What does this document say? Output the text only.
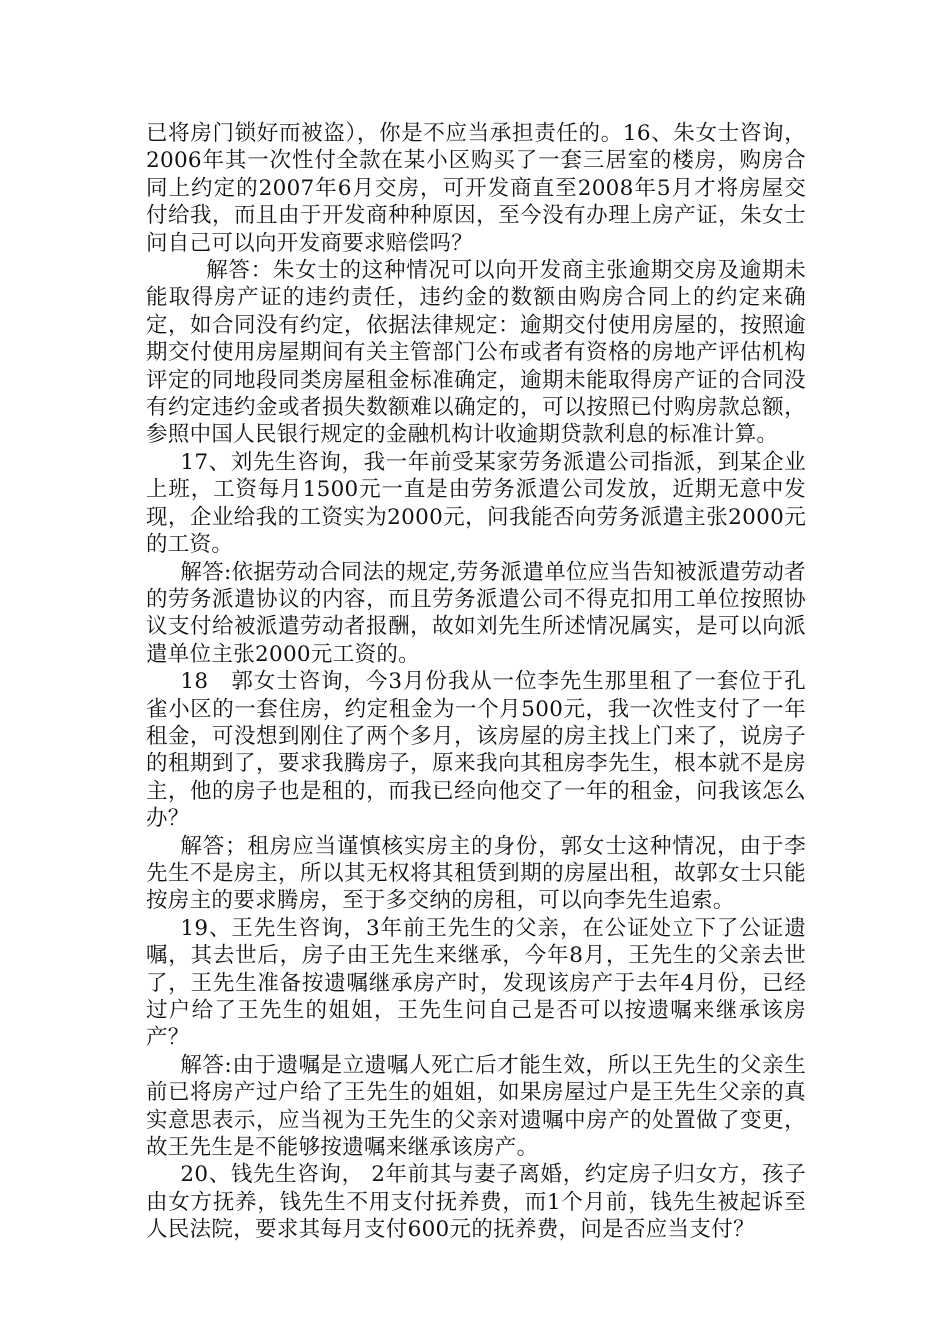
已将房门锁好而被盗），你是不应当承担责任的。16、朱女士咨询，2006年其一次性付全款在某小区购买了一套三居室的楼房，购房合同上约定的2007年6月交房，可开发商直至2008年5月才将房屋交付给我，而且由于开发商种种原因，至今没有办理上房产证，朱女士问自己可以向开发商要求赔偿吗？

解答：朱女士的这种情况可以向开发商主张逾期交房及逾期未能取得房产证的违约责任，违约金的数额由购房合同上的约定来确定，如合同没有约定，依据法律规定：逾期交付使用房屋的，按照逾期交付使用房屋期间有关主管部门公布或者有资格的房地产评估机构评定的同地段同类房屋租金标准确定，逾期未能取得房产证的合同没有约定违约金或者损失数额难以确定的，可以按照已付购房款总额，参照中国人民银行规定的金融机构计收逾期贷款利息的标准计算。

17、刘先生咨询，我一年前受某家劳务派遣公司指派，到某企业上班，工资每月1500元一直是由劳务派遣公司发放，近期无意中发现，企业给我的工资实为2000元，问我能否向劳务派遣主张2000元的工资。

解答:依据劳动合同法的规定,劳务派遣单位应当告知被派遣劳动者的劳务派遣协议的内容，而且劳务派遣公司不得克扣用工单位按照协议支付给被派遣劳动者报酬，故如刘先生所述情况属实，是可以向派遣单位主张2000元工资的。

18　郭女士咨询，今3月份我从一位李先生那里租了一套位于孔雀小区的一套住房，约定租金为一个月500元，我一次性支付了一年租金，可没想到刚住了两个多月，该房屋的房主找上门来了，说房子的租期到了，要求我腾房子，原来我向其租房李先生，根本就不是房主，他的房子也是租的，而我已经向他交了一年的租金，问我该怎么办？

解答；租房应当谨慎核实房主的身份，郭女士这种情况，由于李先生不是房主，所以其无权将其租赁到期的房屋出租，故郭女士只能按房主的要求腾房，至于多交纳的房租，可以向李先生追索。

19、王先生咨询，3年前王先生的父亲，在公证处立下了公证遗嘱，其去世后，房子由王先生来继承，今年8月，王先生的父亲去世了，王先生准备按遗嘱继承房产时，发现该房产于去年4月份，已经过户给了王先生的姐姐，王先生问自己是否可以按遗嘱来继承该房产？

解答:由于遗嘱是立遗嘱人死亡后才能生效，所以王先生的父亲生前已将房产过户给了王先生的姐姐，如果房屋过户是王先生父亲的真实意思表示，应当视为王先生的父亲对遗嘱中房产的处置做了变更，故王先生是不能够按遗嘱来继承该房产。

20、钱先生咨询， 2年前其与妻子离婚，约定房子归女方，孩子由女方抚养，钱先生不用支付抚养费，而1个月前，钱先生被起诉至人民法院，要求其每月支付600元的抚养费，问是否应当支付？
